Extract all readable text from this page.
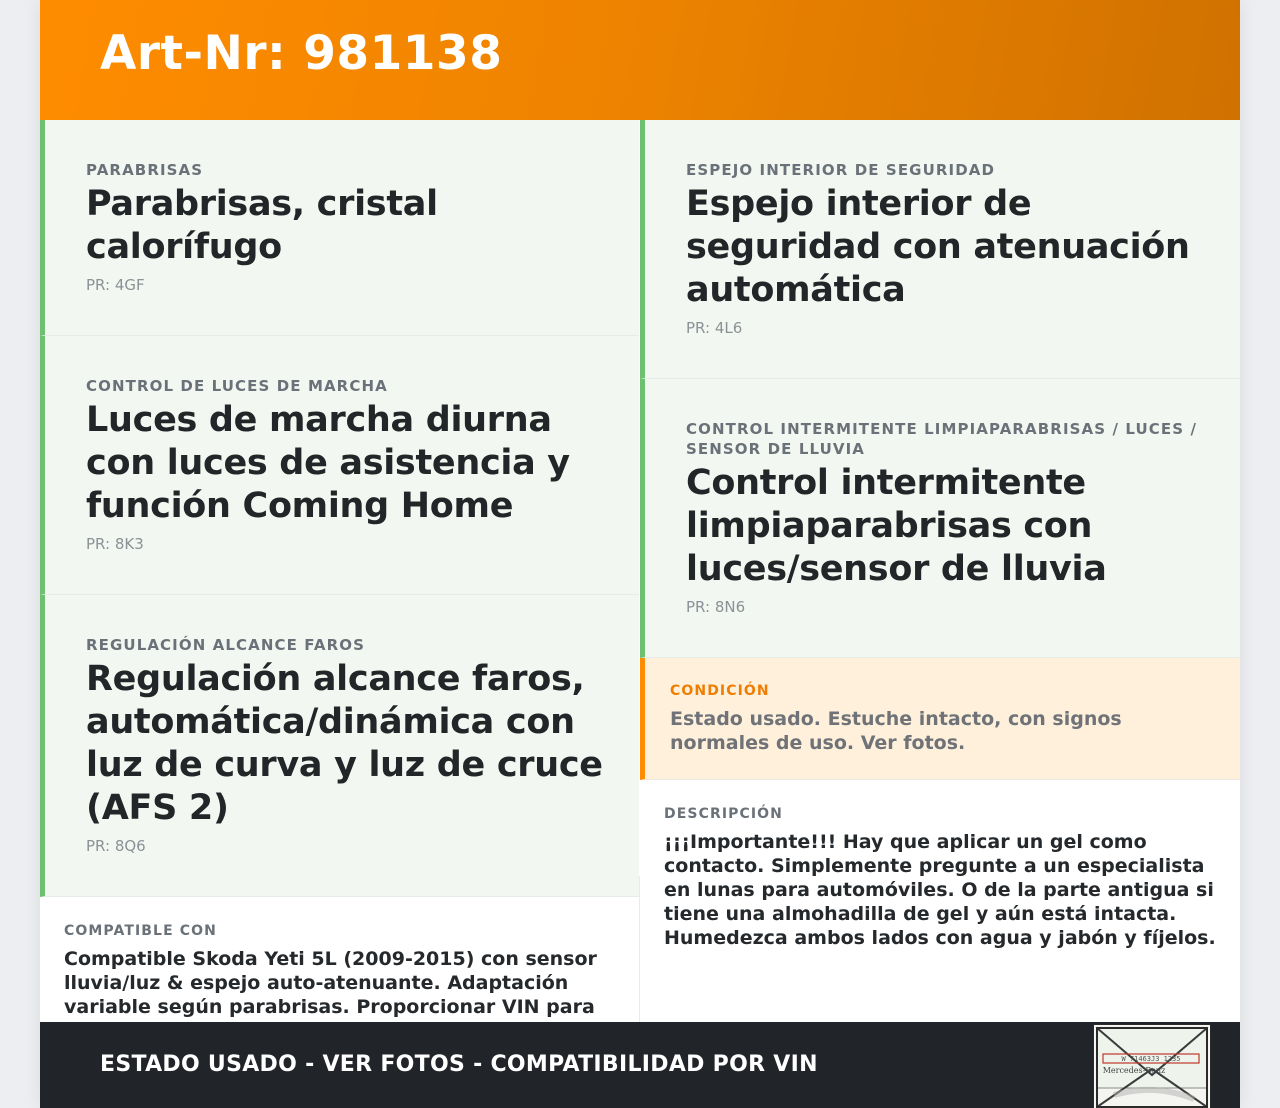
Art-Nr: 981138
PARABRISAS
Parabrisas, cristal calorífugo
PR: 4GF
CONTROL DE LUCES DE MARCHA
Luces de marcha diurna con luces de asistencia y función Coming Home
PR: 8K3
REGULACIÓN ALCANCE FAROS
Regulación alcance faros, automática/dinámica con luz de curva y luz de cruce (AFS 2)
PR: 8Q6
COMPATIBLE CON
Compatible Skoda Yeti 5L (2009-2015) con sensor lluvia/luz & espejo auto-atenuante. Adaptación variable según parabrisas. Proporcionar VIN para
ESPEJO INTERIOR DE SEGURIDAD
Espejo interior de seguridad con atenuación automática
PR: 4L6
CONTROL INTERMITENTE LIMPIAPARABRISAS / LUCES / SENSOR DE LLUVIA
Control intermitente limpiaparabrisas con luces/sensor de lluvia
PR: 8N6
CONDICIÓN
Estado usado. Estuche intacto, con signos normales de uso. Ver fotos.
DESCRIPCIÓN
¡¡¡Importante!!! Hay que aplicar un gel como contacto. Simplemente pregunte a un especialista en lunas para automóviles. O de la parte antigua si tiene una almohadilla de gel y aún está intacta. Humedezca ambos lados con agua y jabón y fíjelos.
ESTADO USADO - VER FOTOS - COMPATIBILIDAD POR VIN	W 71463J3 1235
Mercedes-Benz
